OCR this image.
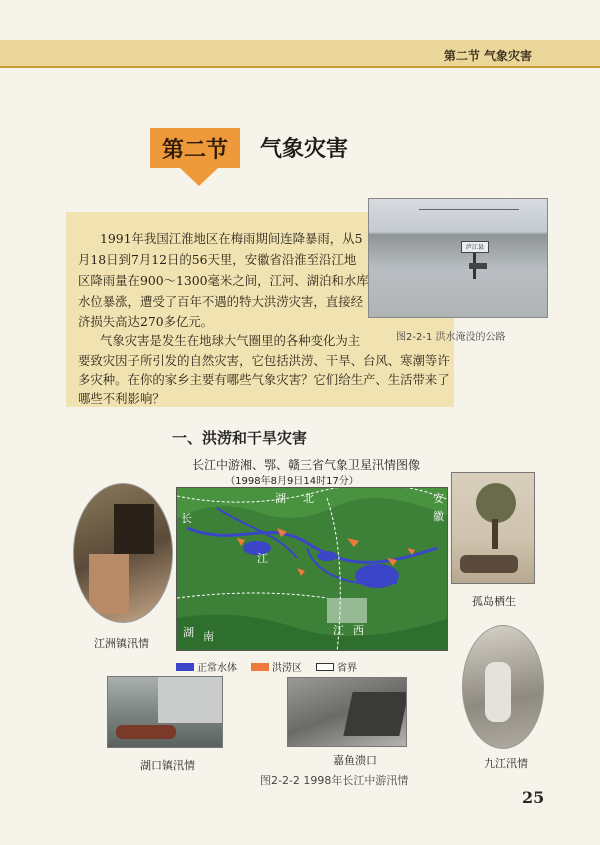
第二节 气象灾害
第二节	气象灾害
庐江县
图2-2-1 洪水淹没的公路
1991年我国江淮地区在梅雨期间连降暴雨，从5
月18日到7月12日的56天里，安徽省沿淮至沿江地
区降雨量在900～1300毫米之间，江河、湖泊和水库
水位暴涨，遭受了百年不遇的特大洪涝灾害，直接经
济损失高达270多亿元。
气象灾害是发生在地球大气圈里的各种变化为主
要致灾因子所引发的自然灾害，它包括洪涝、干旱、台风、寒潮等许
多灾种。在你的家乡主要有哪些气象灾害？它们给生产、生活带来了
哪些不利影响？
一、洪涝和干旱灾害
长江中游湘、鄂、赣三省气象卫星汛情图像
（1998年8月9日14时17分）
湖 北
长
江
湖 南	江 西
安
徽
正常水体	洪涝区	省界
江洲镇汛情
孤岛栖生
九江汛情
湖口镇汛情	嘉鱼溃口
图2-2-2 1998年长江中游汛情
25
